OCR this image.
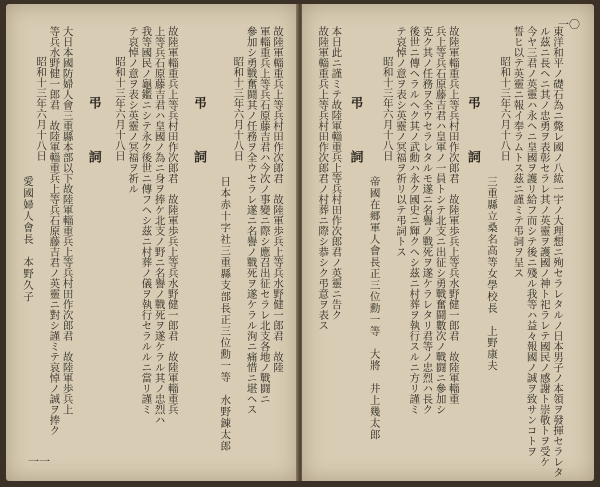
故陸軍輜重兵上等兵村田作次郎君　故陸軍歩兵上等兵水野健一郎君　故陸
軍輜重兵上等兵石原藤吉君ハ今次ノ事變ニ際シ應召出征セラレ北支各地ノ戰闘ニ
參加シ勇戰奮鬪其ノ任務ヲ全ウセラレ遂ニ名譽ノ戰死ヲ遂ケラル洵ニ痛惜ニ堪ヘス
昭和十三年六月十八日
日本赤十字社三重縣支部長正三位勳一等　水野錬太郎
弔　詞
故陸軍輜重兵上等兵村田作次郎君　故陸軍歩兵上等兵水野健一郎君　故陸軍輜重兵
上等兵石原藤吉君ハ皇國ノ為ニ身ヲ捧ケ北支ノ野ニ名譽ノ戰死ヲ遂ケラル其ノ忠烈ハ
我等國民ノ龜鑑ニシテ永ク後世ニ傳フヘシ茲ニ村葬ノ儀ヲ執行セラルルニ當リ謹ミ
テ哀悼ノ意ヲ表シ英靈ノ冥福ヲ祈ル
昭和十三年六月十八日
弔　詞
大日本國防婦人會三重縣本部以下故陸軍輜重兵上等兵村田作次郎君　故陸軍歩兵上
等兵水野健一郎君　故陸軍輜重兵上等兵石原藤吉君ノ英靈ニ對シ謹ミテ哀悼ノ誠ヲ捧ク
昭和十三年六月十八日
愛國婦人會長　本野久子
一一	東洋和平ノ礎石為ニ斃レ國ノ八紘一宇ノ大理想ニ殉セラレタルノ日本男子ノ本領ヲ發揮セラレタ
ル茲ニ長ヘニ其ノ忠勇ヲ表彰セラレ其ノ英靈ヲ護國ノ神ト祀ラレテ國民ノ感謝ト崇敬トヲ受ケ
今ヤ三君ノ英靈ハ永ヘニ皇國ヲ護リ給フ而シテ後ニ殘ル我等ハ益々報國ノ誠ヲ致サンコトヲ
誓ヒ以テ英靈ニ報イ奉ラムトス茲ニ謹ミテ弔詞ヲ呈ス
昭和十三年六月十八日
三重縣立桑名高等女學校長　上野康夫
弔　詞
故陸軍輜重兵上等兵村田作次郎君　故陸軍歩兵上等兵水野健一郎君　故陸軍輜重
兵上等兵石原藤吉君ハ皇軍ノ一員トシテ北支ニ出征シ勇戰奮鬪數次ノ戰闘ニ參加シ
克ク其ノ任務ヲ全ウセラレタルモ遂ニ名譽ノ戰死ヲ遂ケラレタリ君等ノ忠烈ハ長ク
後世ニ傳ヘラルヘク其ノ武勳ハ永ク國史ニ輝クヘシ茲ニ村葬ヲ執行スルニ方リ謹ミ
テ哀悼ノ意ヲ表シ英靈ノ冥福ヲ祈リ以テ弔詞トス
昭和十三年六月十八日
帝國在郷軍人會長正三位勳一等　大將　井上幾太郎
弔　詞
本日此ニ謹ミテ故陸軍輜重兵上等兵村田作次郎君ノ英靈ニ告ク
故陸軍輜重兵上等兵村田作次郎君ノ村葬ニ際シ恭シク弔意ヲ表ス
一〇
